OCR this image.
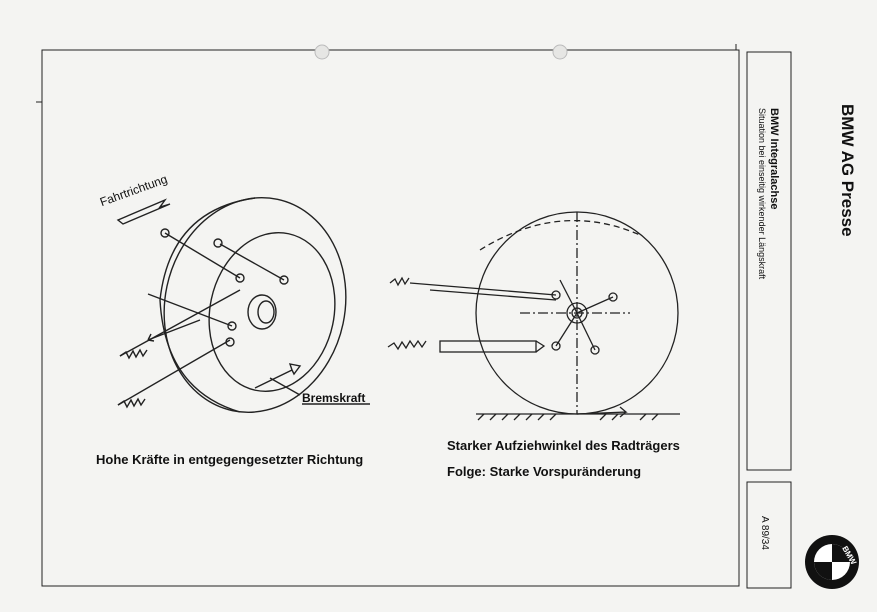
BMW
Fahrtrichtung
Bremskraft
Hohe Kräfte in entgegengesetzter Richtung
Starker Aufziehwinkel des Radträgers
Folge: Starke Vorspuränderung
BMW AG Presse
BMW Integralachse
Situation bei einseitig wirkender Längskraft
A 89/34
